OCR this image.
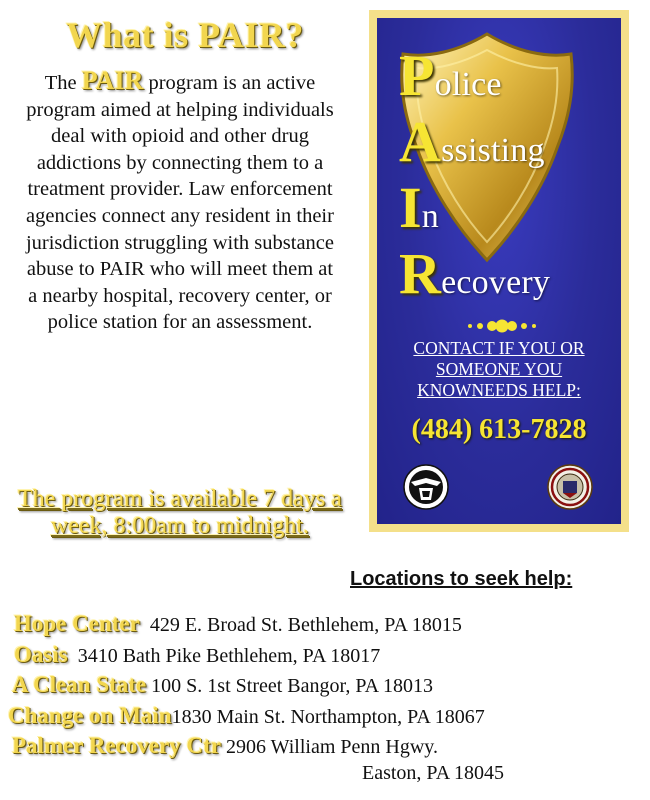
What is PAIR?
The PAIR program is an active program aimed at helping individuals deal with opioid and other drug addictions by connecting them to a treatment provider. Law enforcement agencies connect any resident in their jurisdiction struggling with substance abuse to PAIR who will meet them at a nearby hospital, recovery center, or police station for an assessment.
The program is available 7 days a week, 8:00am to midnight.
Police
Assisting
In
Recovery
CONTACT IF YOU OR
SOMEONE YOU
KNOWNEEDS HELP:
(484) 613-7828
Locations to seek help:
Hope Center 429 E. Broad St. Bethlehem, PA 18015
Oasis 3410 Bath Pike Bethlehem, PA 18017
A Clean State 100 S. 1st Street Bangor, PA 18013
Change on Main1830 Main St. Northampton, PA 18067
Palmer Recovery Ctr 2906 William Penn Hgwy.
Easton, PA 18045
